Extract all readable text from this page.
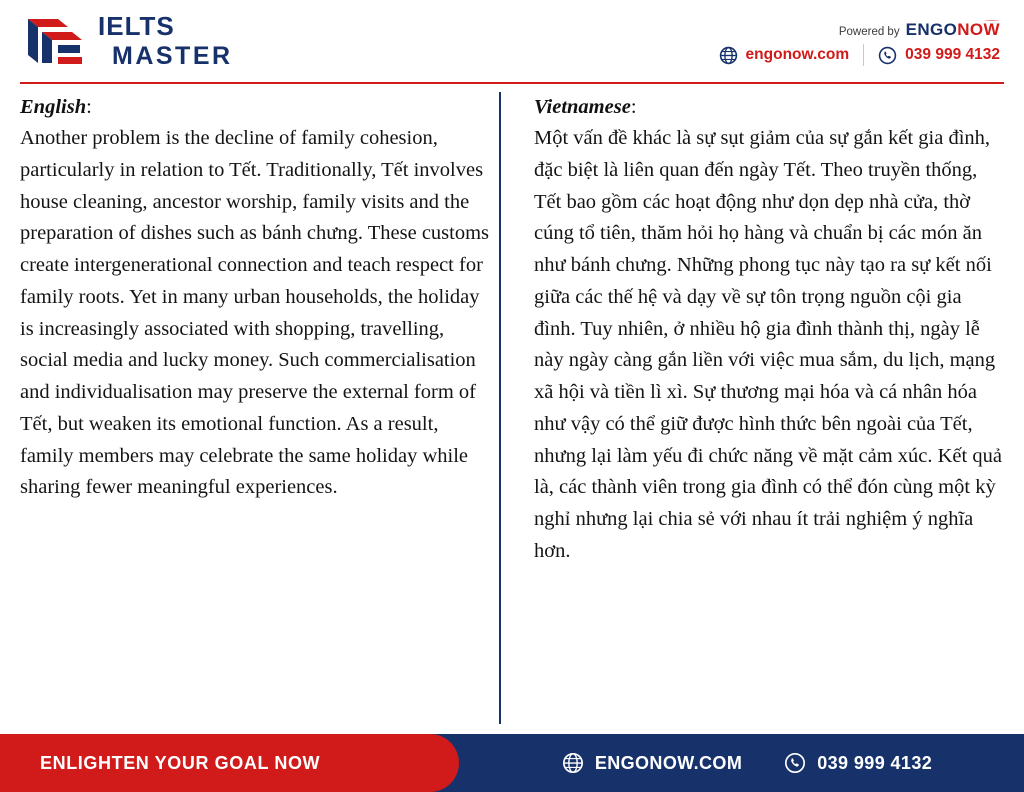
IELTS
MASTER
Powered by ENGONOW
engonow.com	039 999 4132

English:

Another problem is the decline of family cohesion, particularly in relation to Tết. Traditionally, Tết involves house cleaning, ancestor worship, family visits and the preparation of dishes such as bánh chưng. These customs create intergenerational connection and teach respect for family roots. Yet in many urban households, the holiday is increasingly associated with shopping, travelling, social media and lucky money. Such commercialisation and individualisation may preserve the external form of Tết, but weaken its emotional function. As a result, family members may celebrate the same holiday while sharing fewer meaningful experiences.

Vietnamese:

Một vấn đề khác là sự sụt giảm của sự gắn kết gia đình, đặc biệt là liên quan đến ngày Tết. Theo truyền thống, Tết bao gồm các hoạt động như dọn dẹp nhà cửa, thờ cúng tổ tiên, thăm hỏi họ hàng và chuẩn bị các món ăn như bánh chưng. Những phong tục này tạo ra sự kết nối giữa các thế hệ và dạy về sự tôn trọng nguồn cội gia đình. Tuy nhiên, ở nhiều hộ gia đình thành thị, ngày lễ này ngày càng gắn liền với việc mua sắm, du lịch, mạng xã hội và tiền lì xì. Sự thương mại hóa và cá nhân hóa như vậy có thể giữ được hình thức bên ngoài của Tết, nhưng lại làm yếu đi chức năng về mặt cảm xúc. Kết quả là, các thành viên trong gia đình có thể đón cùng một kỳ nghỉ nhưng lại chia sẻ với nhau ít trải nghiệm ý nghĩa hơn.

ENLIGHTEN YOUR GOAL NOW	ENGONOW.COM	039 999 4132
